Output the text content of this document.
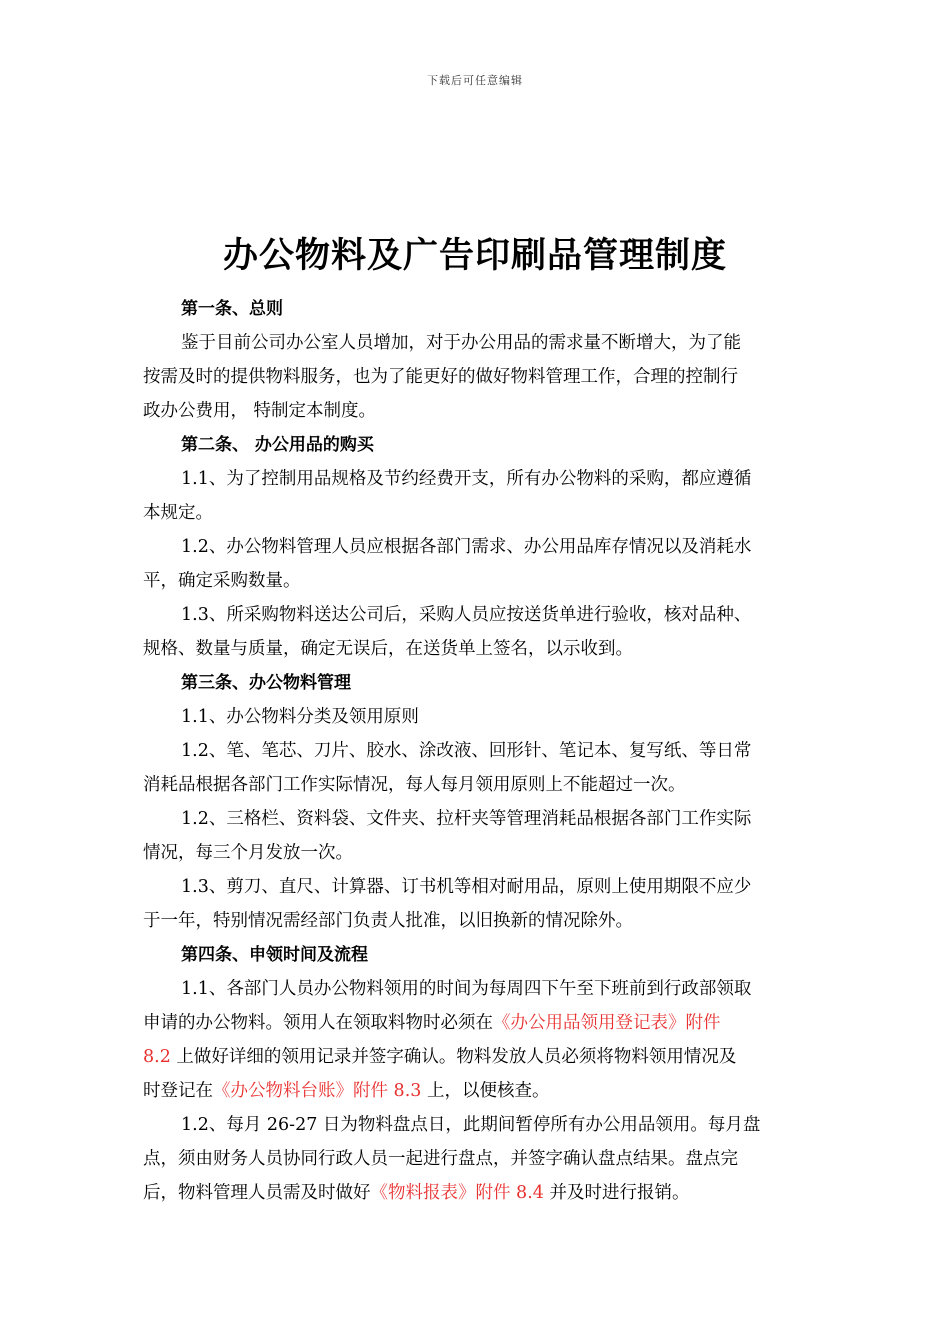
下载后可任意编辑
办公物料及广告印刷品管理制度
第一条、总则
鉴于目前公司办公室人员增加，对于办公用品的需求量不断增大，为了能
按需及时的提供物料服务，也为了能更好的做好物料管理工作，合理的控制行
政办公费用， 特制定本制度。
第二条、 办公用品的购买
1.1、为了控制用品规格及节约经费开支，所有办公物料的采购，都应遵循
本规定。
1.2、办公物料管理人员应根据各部门需求、办公用品库存情况以及消耗水
平，确定采购数量。
1.3、所采购物料送达公司后，采购人员应按送货单进行验收，核对品种、
规格、数量与质量，确定无误后，在送货单上签名，以示收到。
第三条、办公物料管理
1.1、办公物料分类及领用原则
1.2、笔、笔芯、刀片、胶水、涂改液、回形针、笔记本、复写纸、等日常
消耗品根据各部门工作实际情况，每人每月领用原则上不能超过一次。
1.2、三格栏、资料袋、文件夹、拉杆夹等管理消耗品根据各部门工作实际
情况，每三个月发放一次。
1.3、剪刀、直尺、计算器、订书机等相对耐用品，原则上使用期限不应少
于一年，特别情况需经部门负责人批准，以旧换新的情况除外。
第四条、申领时间及流程
1.1、各部门人员办公物料领用的时间为每周四下午至下班前到行政部领取
申请的办公物料。领用人在领取料物时必须在《办公用品领用登记表》附件
8.2 上做好详细的领用记录并签字确认。物料发放人员必须将物料领用情况及
时登记在《办公物料台账》附件 8.3 上，以便核查。
1.2、每月 26-27 日为物料盘点日，此期间暂停所有办公用品领用。每月盘
点，须由财务人员协同行政人员一起进行盘点，并签字确认盘点结果。盘点完
后，物料管理人员需及时做好《物料报表》附件 8.4 并及时进行报销。
